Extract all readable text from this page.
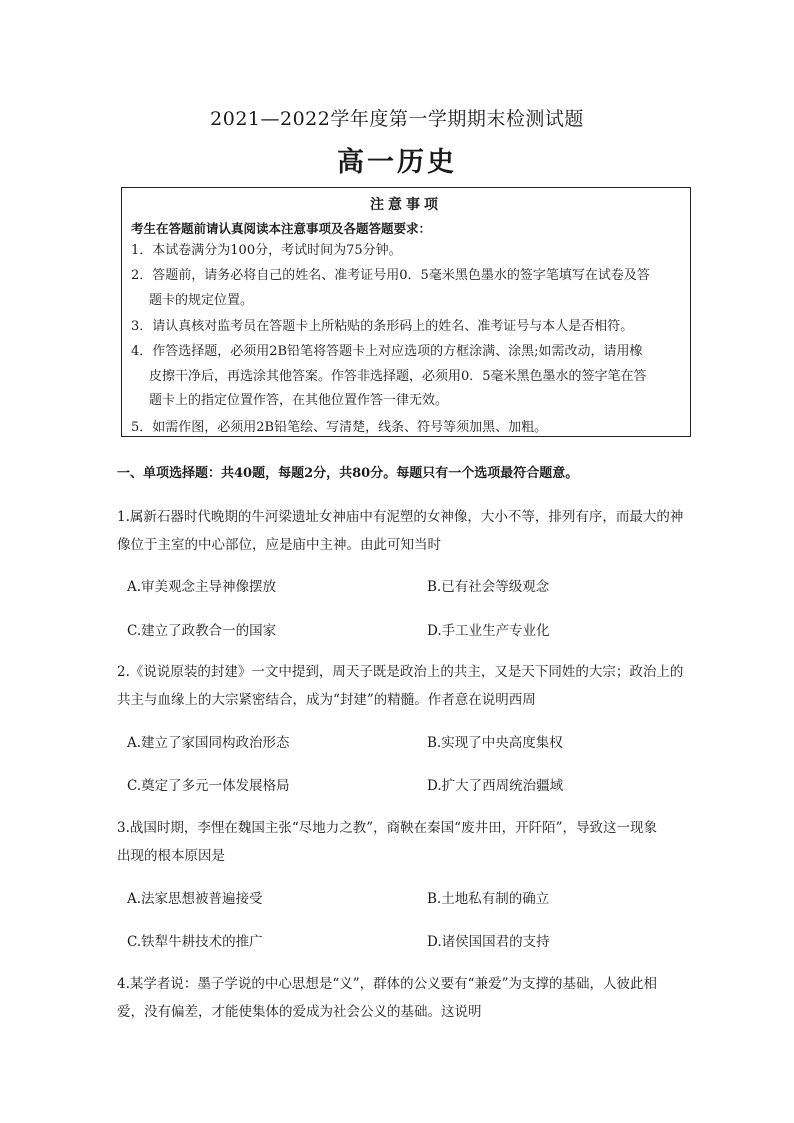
2021—2022学年度第一学期期末检测试题
高一历史
注意事项
考生在答题前请认真阅读本注意事项及各题答题要求：
1．本试卷满分为100分，考试时间为75分钟。
2．答题前，请务必将自己的姓名、准考证号用0．5毫米黑色墨水的签字笔填写在试卷及答
题卡的规定位置。
3．请认真核对监考员在答题卡上所粘贴的条形码上的姓名、准考证号与本人是否相符。
4．作答选择题，必须用2B铅笔将答题卡上对应选项的方框涂满、涂黑;如需改动，请用橡
皮擦干净后，再选涂其他答案。作答非选择题，必须用0．5毫米黑色墨水的签字笔在答
题卡上的指定位置作答，在其他位置作答一律无效。
5．如需作图，必须用2B铅笔绘、写清楚，线条、符号等须加黑、加粗。
一、单项选择题：共40题，每题2分，共80分。每题只有一个选项最符合题意。
1.属新石器时代晚期的牛河梁遗址女神庙中有泥塑的女神像，大小不等，排列有序，而最大的神
像位于主室的中心部位，应是庙中主神。由此可知当时
A.审美观念主导神像摆放	B.已有社会等级观念
C.建立了政教合一的国家	D.手工业生产专业化
2.《说说原装的封建》一文中提到，周天子既是政治上的共主，又是天下同姓的大宗；政治上的
共主与血缘上的大宗紧密结合，成为“封建”的精髓。作者意在说明西周
A.建立了家国同构政治形态	B.实现了中央高度集权
C.奠定了多元一体发展格局	D.扩大了西周统治疆域
3.战国时期，李悝在魏国主张“尽地力之教”，商鞅在秦国“废井田，开阡陌”，导致这一现象
出现的根本原因是
A.法家思想被普遍接受	B.土地私有制的确立
C.铁犁牛耕技术的推广	D.诸侯国国君的支持
4.某学者说：墨子学说的中心思想是“义”，群体的公义要有“兼爱”为支撑的基础，人彼此相
爱，没有偏差，才能使集体的爱成为社会公义的基础。这说明
